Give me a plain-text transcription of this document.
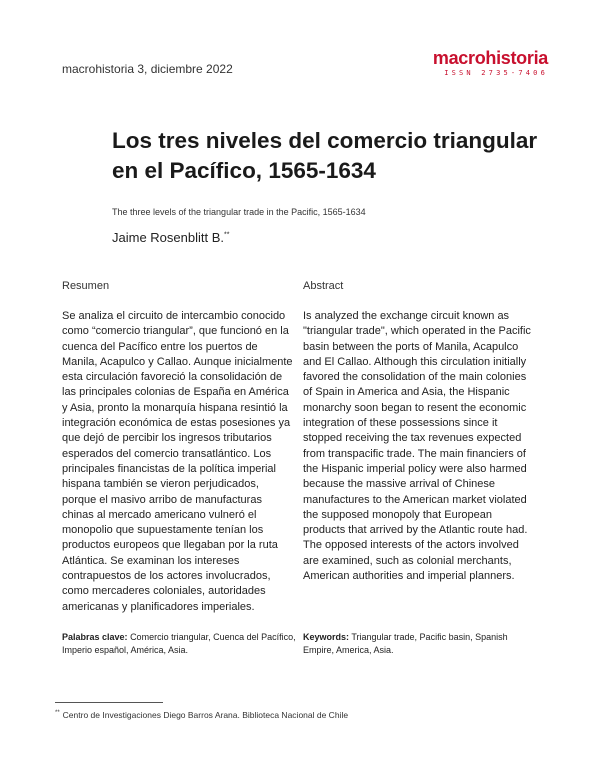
macrohistoria 3, diciembre 2022
macrohistoria
ISSN 2735-7406
Los tres niveles del comercio triangular en el Pacífico, 1565-1634
The three levels of the triangular trade in the Pacific, 1565-1634
Jaime Rosenblitt B.**
Resumen

Se analiza el circuito de intercambio conocido como “comercio triangular”, que funcionó en la cuenca del Pacífico entre los puertos de Manila, Acapulco y Callao. Aunque inicialmente esta circulación favoreció la consolidación de las principales colonias de España en América y Asia, pronto la monarquía hispana resintió la integración económica de estas posesiones ya que dejó de percibir los ingresos tributarios esperados del comercio transatlántico. Los principales financistas de la política imperial hispana también se vieron perjudicados, porque el masivo arribo de manufacturas chinas al mercado americano vulneró el monopolio que supuestamente tenían los productos europeos que llegaban por la ruta Atlántica. Se examinan los intereses contrapuestos de los actores involucrados, como mercaderes coloniales, autoridades americanas y planificadores imperiales.

Palabras clave: Comercio triangular, Cuenca del Pacífico, Imperio español, América, Asia.
Abstract

Is analyzed the exchange circuit known as "triangular trade", which operated in the Pacific basin between the ports of Manila, Acapulco and El Callao. Although this circulation initially favored the consolidation of the main colonies of Spain in America and Asia, the Hispanic monarchy soon began to resent the economic integration of these possessions since it stopped receiving the tax revenues expected from transpacific trade. The main financiers of the Hispanic imperial policy were also harmed because the massive arrival of Chinese manufactures to the American market violated the supposed monopoly that European products that arrived by the Atlantic route had. The opposed interests of the actors involved are examined, such as colonial merchants, American authorities and imperial planners.

Keywords: Triangular trade, Pacific basin, Spanish Empire, America, Asia.
** Centro de Investigaciones Diego Barros Arana. Biblioteca Nacional de Chile
